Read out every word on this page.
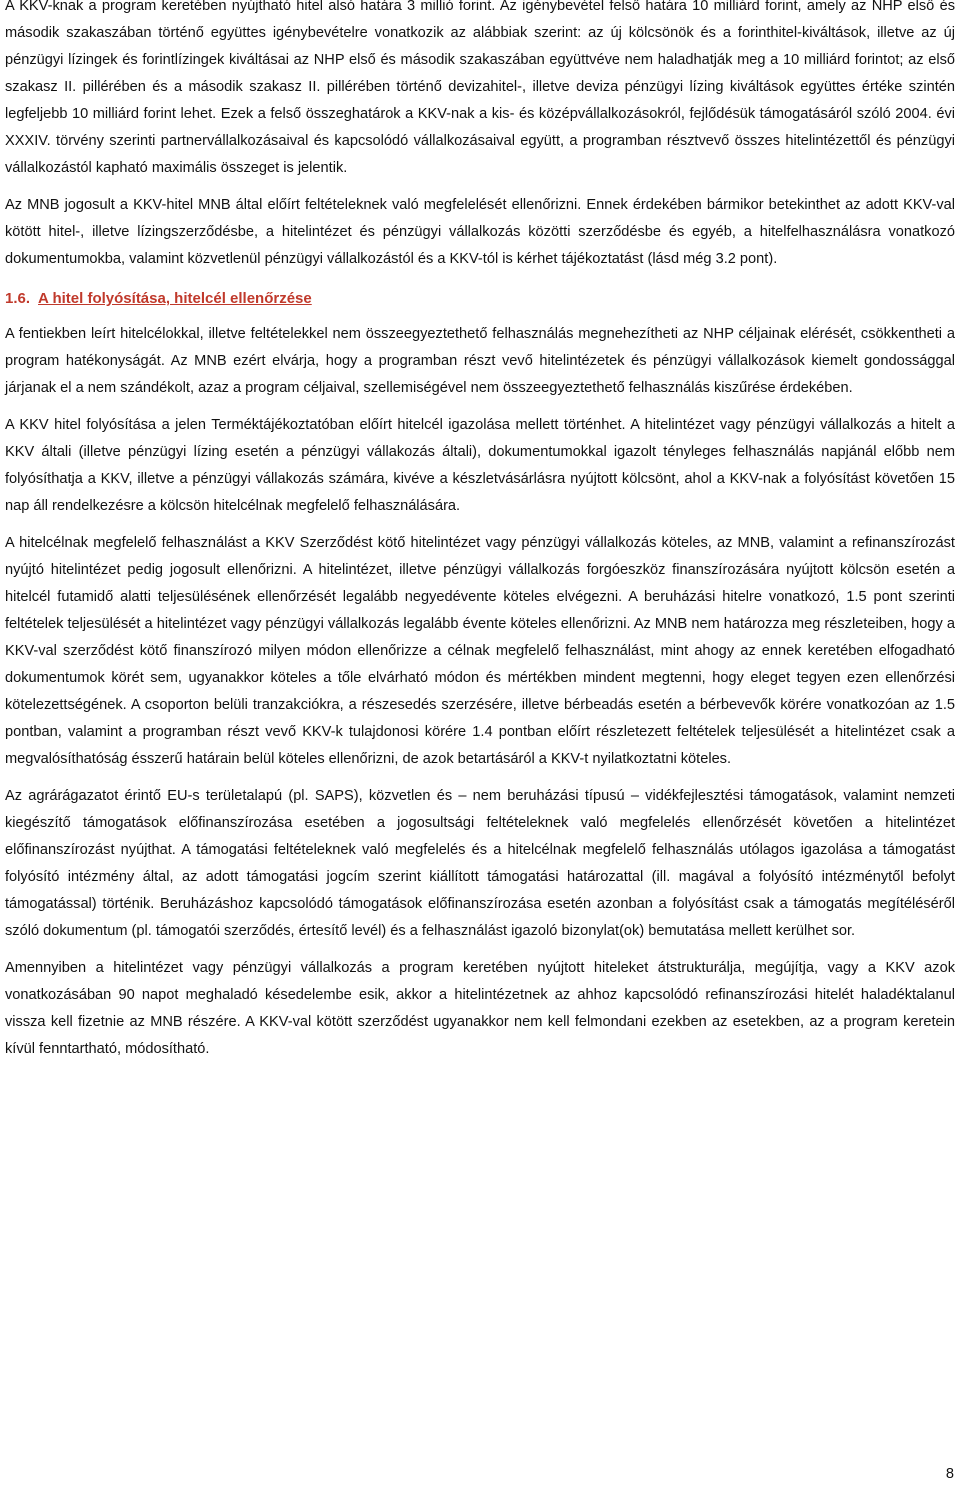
A KKV-knak a program keretében nyújtható hitel alsó határa 3 millió forint. Az igénybevétel felső határa 10 milliárd forint, amely az NHP első és második szakaszában történő együttes igénybevételre vonatkozik az alábbiak szerint: az új kölcsönök és a forinthitel-kiváltások, illetve az új pénzügyi lízingek és forintlízingek kiváltásai az NHP első és második szakaszában együttvéve nem haladhatják meg a 10 milliárd forintot; az első szakasz II. pillérében és a második szakasz II. pillérében történő devizahitel-, illetve deviza pénzügyi lízing kiváltások együttes értéke szintén legfeljebb 10 milliárd forint lehet. Ezek a felső összeghatárok a KKV-nak a kis- és középvállalkozásokról, fejlődésük támogatásáról szóló 2004. évi XXXIV. törvény szerinti partnervállalkozásaival és kapcsolódó vállalkozásaival együtt, a programban résztvevő összes hitelintézettől és pénzügyi vállalkozástól kapható maximális összeget is jelentik.

Az MNB jogosult a KKV-hitel MNB által előírt feltételeknek való megfelelését ellenőrizni. Ennek érdekében bármikor betekinthet az adott KKV-val kötött hitel-, illetve lízingszerződésbe, a hitelintézet és pénzügyi vállalkozás közötti szerződésbe és egyéb, a hitelfelhasználásra vonatkozó dokumentumokba, valamint közvetlenül pénzügyi vállalkozástól és a KKV-tól is kérhet tájékoztatást (lásd még 3.2 pont).

1.6. A hitel folyósítása, hitelcél ellenőrzése

A fentiekben leírt hitelcélokkal, illetve feltételekkel nem összeegyeztethető felhasználás megnehezítheti az NHP céljainak elérését, csökkentheti a program hatékonyságát. Az MNB ezért elvárja, hogy a programban részt vevő hitelintézetek és pénzügyi vállalkozások kiemelt gondossággal járjanak el a nem szándékolt, azaz a program céljaival, szellemiségével nem összeegyeztethető felhasználás kiszűrése érdekében.

A KKV hitel folyósítása a jelen Terméktájékoztatóban előírt hitelcél igazolása mellett történhet. A hitelintézet vagy pénzügyi vállalkozás a hitelt a KKV általi (illetve pénzügyi lízing esetén a pénzügyi vállakozás általi), dokumentumokkal igazolt tényleges felhasználás napjánál előbb nem folyósíthatja a KKV, illetve a pénzügyi vállakozás számára, kivéve a készletvásárlásra nyújtott kölcsönt, ahol a KKV-nak a folyósítást követően 15 nap áll rendelkezésre a kölcsön hitelcélnak megfelelő felhasználására.

A hitelcélnak megfelelő felhasználást a KKV Szerződést kötő hitelintézet vagy pénzügyi vállalkozás köteles, az MNB, valamint a refinanszírozást nyújtó hitelintézet pedig jogosult ellenőrizni. A hitelintézet, illetve pénzügyi vállalkozás forgóeszköz finanszírozására nyújtott kölcsön esetén a hitelcél futamidő alatti teljesülésének ellenőrzését legalább negyedévente köteles elvégezni. A beruházási hitelre vonatkozó, 1.5 pont szerinti feltételek teljesülését a hitelintézet vagy pénzügyi vállalkozás legalább évente köteles ellenőrizni. Az MNB nem határozza meg részleteiben, hogy a KKV-val szerződést kötő finanszírozó milyen módon ellenőrizze a célnak megfelelő felhasználást, mint ahogy az ennek keretében elfogadható dokumentumok körét sem, ugyanakkor köteles a tőle elvárható módon és mértékben mindent megtenni, hogy eleget tegyen ezen ellenőrzési kötelezettségének. A csoporton belüli tranzakciókra, a részesedés szerzésére, illetve bérbeadás esetén a bérbevevők körére vonatkozóan az 1.5 pontban, valamint a programban részt vevő KKV-k tulajdonosi körére 1.4 pontban előírt részletezett feltételek teljesülését a hitelintézet csak a megvalósíthatóság ésszerű határain belül köteles ellenőrizni, de azok betartásáról a KKV-t nyilatkoztatni köteles.

Az agrárágazatot érintő EU-s területalapú (pl. SAPS), közvetlen és – nem beruházási típusú – vidékfejlesztési támogatások, valamint nemzeti kiegészítő támogatások előfinanszírozása esetében a jogosultsági feltételeknek való megfelelés ellenőrzését követően a hitelintézet előfinanszírozást nyújthat. A támogatási feltételeknek való megfelelés és a hitelcélnak megfelelő felhasználás utólagos igazolása a támogatást folyósító intézmény által, az adott támogatási jogcím szerint kiállított támogatási határozattal (ill. magával a folyósító intézménytől befolyt támogatással) történik. Beruházáshoz kapcsolódó támogatások előfinanszírozása esetén azonban a folyósítást csak a támogatás megítéléséről szóló dokumentum (pl. támogatói szerződés, értesítő levél) és a felhasználást igazoló bizonylat(ok) bemutatása mellett kerülhet sor.

Amennyiben a hitelintézet vagy pénzügyi vállalkozás a program keretében nyújtott hiteleket átstrukturálja, megújítja, vagy a KKV azok vonatkozásában 90 napot meghaladó késedelembe esik, akkor a hitelintézetnek az ahhoz kapcsolódó refinanszírozási hitelét haladéktalanul vissza kell fizetnie az MNB részére. A KKV-val kötött szerződést ugyanakkor nem kell felmondani ezekben az esetekben, az a program keretein kívül fenntartható, módosítható.

8
